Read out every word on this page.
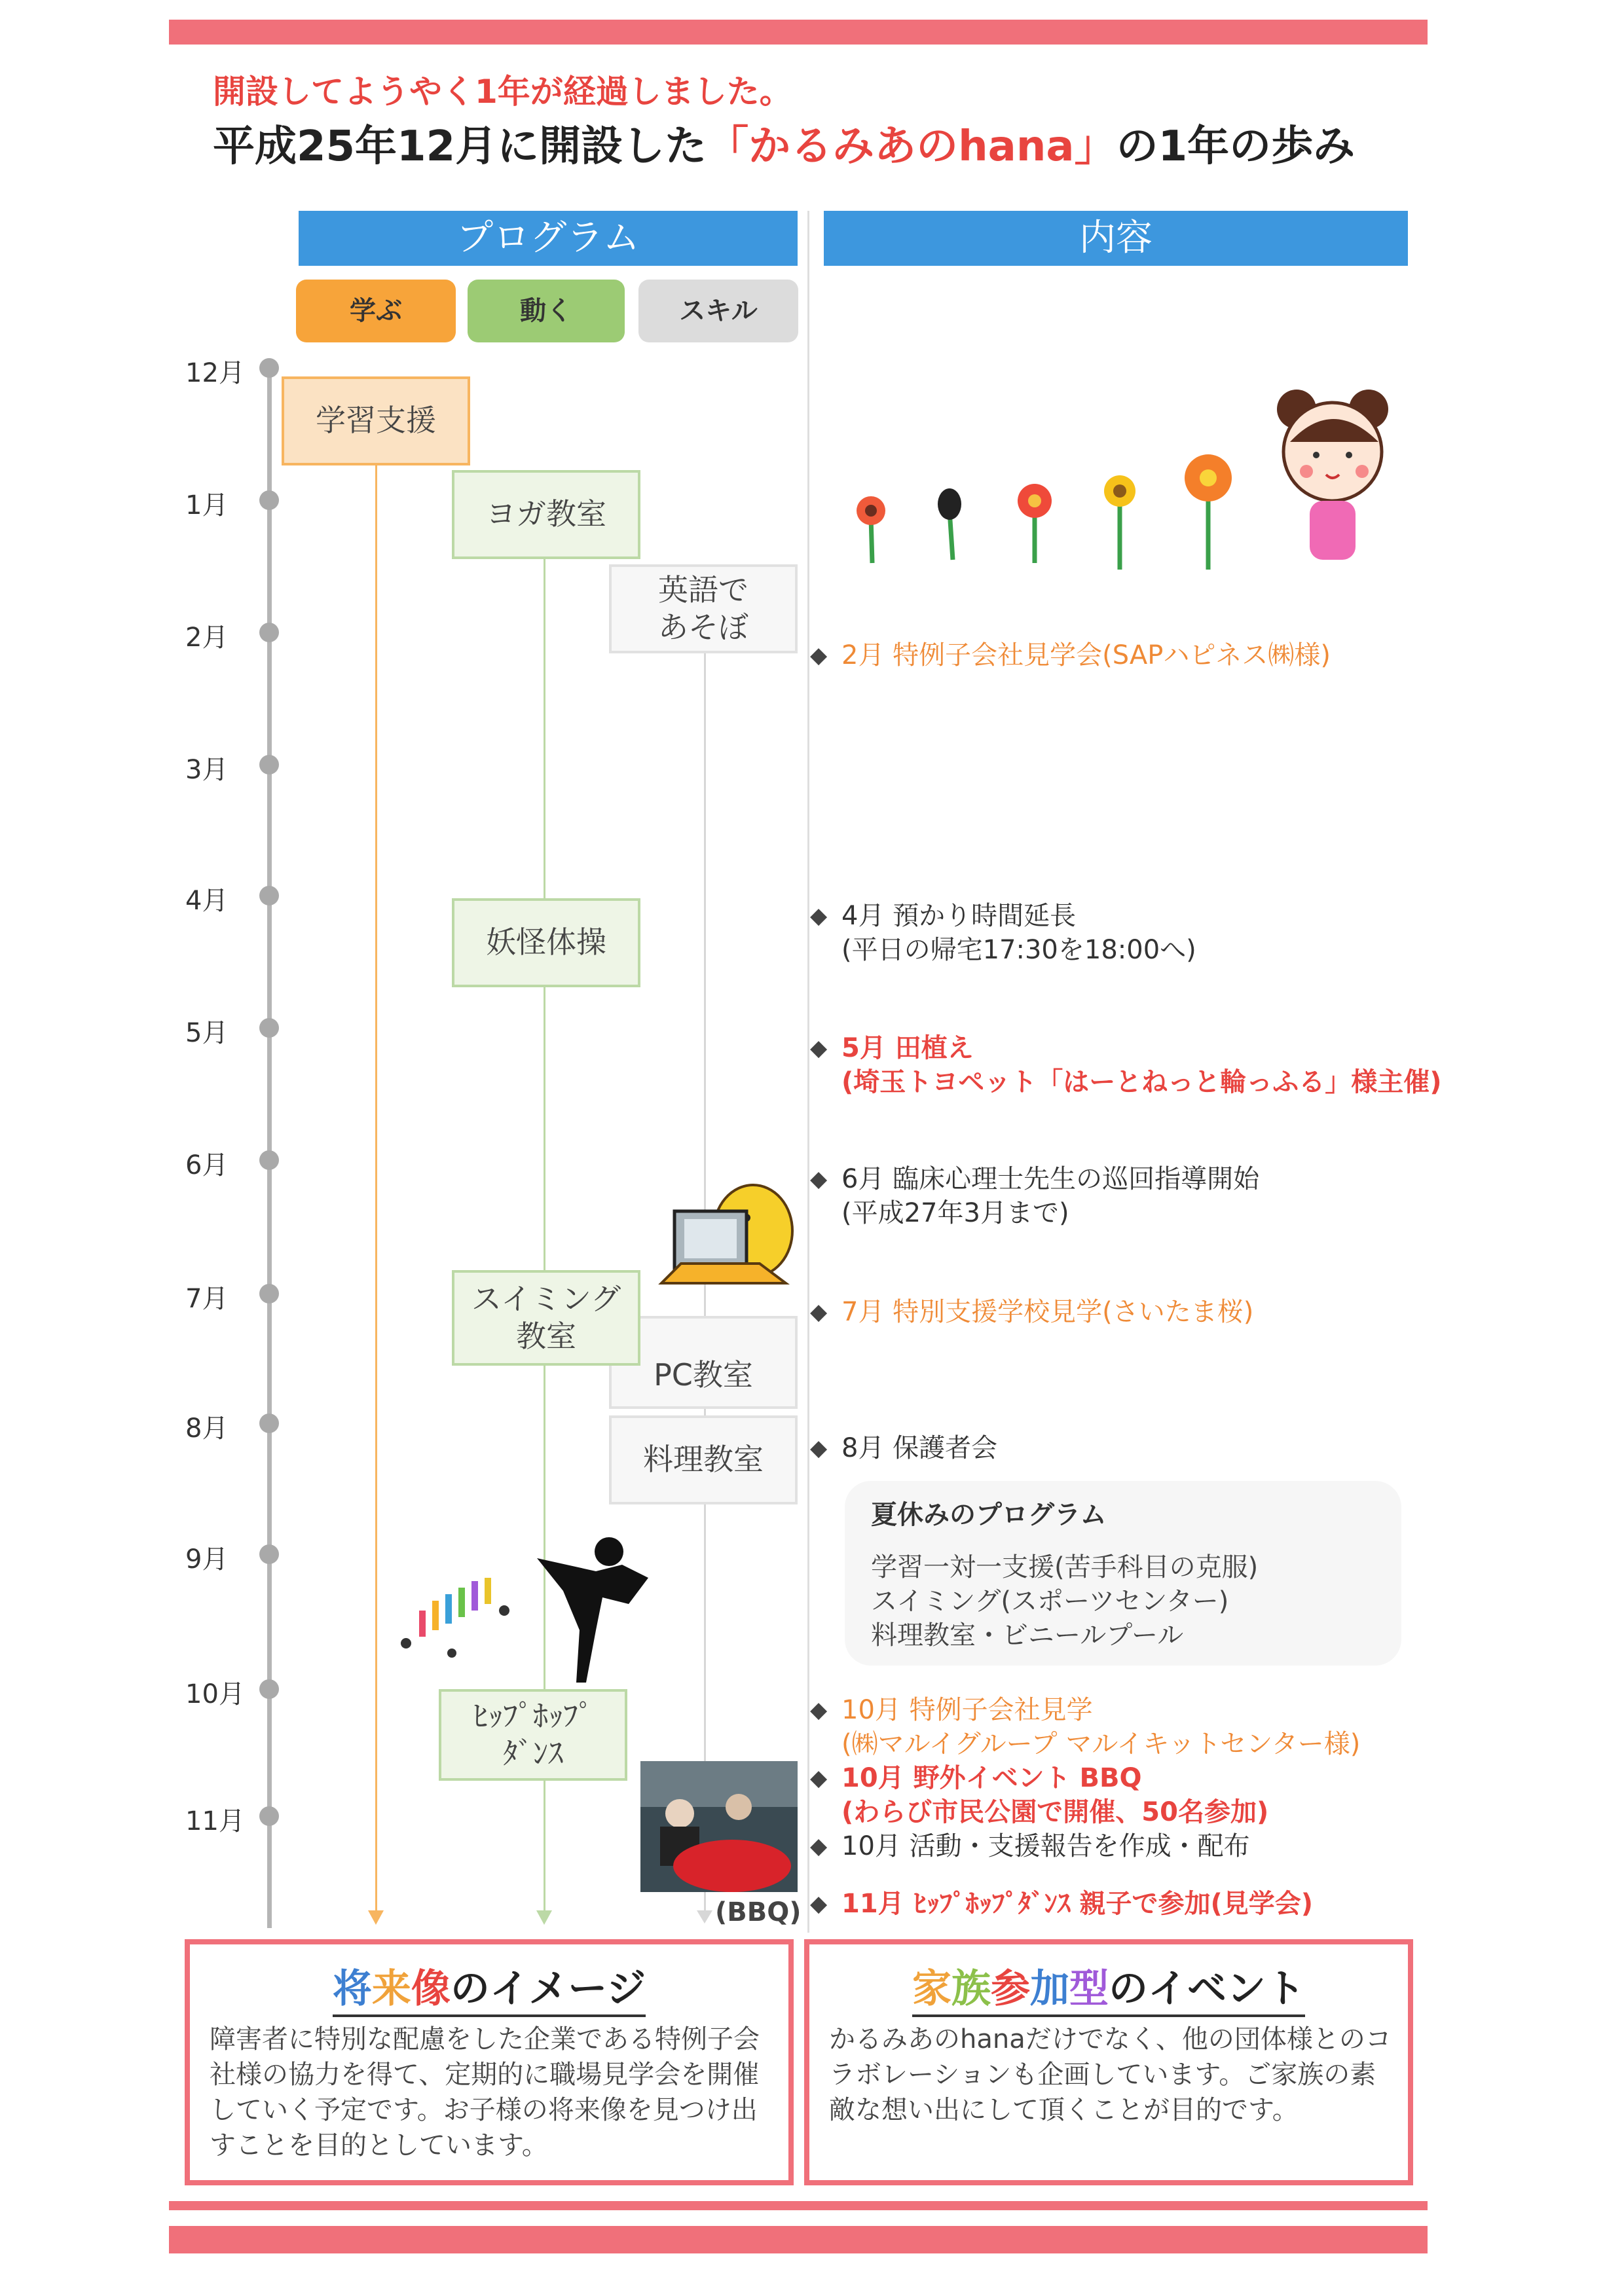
開設してようやく1年が経過しました。
平成25年12月に開設した「かるみあのhana」の1年の歩み
プログラム	内容
学ぶ	動く	スキル
12月
1月
2月
3月
4月
5月
6月
7月
8月
9月
10月
11月
学習支援
ヨガ教室
英語で
あそぼ
妖怪体操
PC教室
スイミング
教室
料理教室
ﾋｯﾌﾟﾎｯﾌﾟ
ﾀﾞﾝｽ
(BBQ)
◆ 2月 特例子会社見学会(SAPハピネス㈱様)
◆ 4月 預かり時間延長
(平日の帰宅17:30を18:00へ)
◆ 5月 田植え
(埼玉トヨペット「はーとねっと輪っふる」様主催)
◆ 6月 臨床心理士先生の巡回指導開始
(平成27年3月まで)
◆ 7月 特別支援学校見学(さいたま桜)
◆ 8月 保護者会
夏休みのプログラム
学習一対一支援(苦手科目の克服)
スイミング(スポーツセンター)
料理教室・ビニールプール
◆ 10月 特例子会社見学
(㈱マルイグループ マルイキットセンター様)
◆ 10月 野外イベント BBQ
(わらび市民公園で開催、50名参加)
◆ 10月 活動・支援報告を作成・配布
◆ 11月 ﾋｯﾌﾟﾎｯﾌﾟﾀﾞﾝｽ 親子で参加(見学会)
将来像のイメージ
障害者に特別な配慮をした企業である特例子会社様の協力を得て、定期的に職場見学会を開催していく予定です。お子様の将来像を見つけ出すことを目的としています。
家族参加型のイベント
かるみあのhanaだけでなく、他の団体様とのコラボレーションも企画しています。ご家族の素敵な想い出にして頂くことが目的です。
